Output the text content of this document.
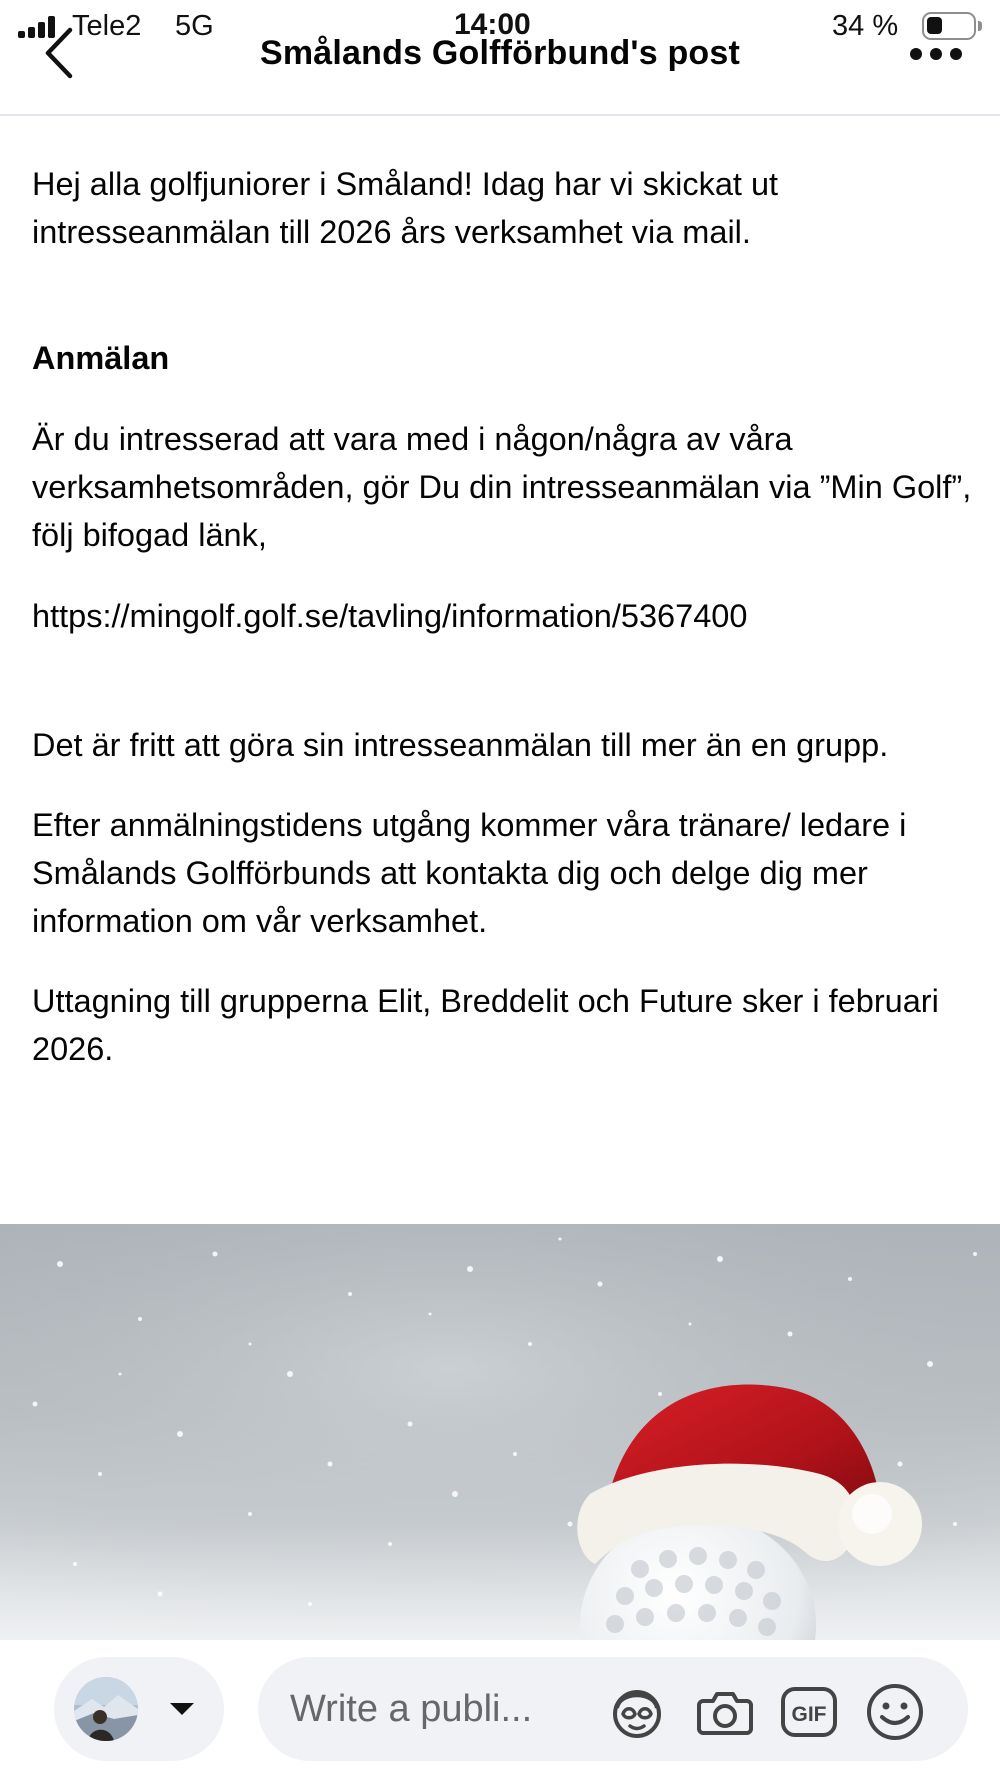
Tele2 5G	14:00	34 %
Smålands Golfförbund's post

Hej alla golfjuniorer i Småland! Idag har vi skickat ut intresseanmälan till 2026 års verksamhet via mail.

Anmälan

Är du intresserad att vara med i någon/några av våra verksamhetsområden, gör Du din intresseanmälan via ”Min Golf”, följ bifogad länk,

https://mingolf.golf.se/tavling/information/5367400

Det är fritt att göra sin intresseanmälan till mer än en grupp.

Efter anmälningstidens utgång kommer våra tränare/ ledare i Smålands Golfförbunds att kontakta dig och delge dig mer information om vår verksamhet.

Uttagning till grupperna Elit, Breddelit och Future sker i februari 2026.

Write a publi...	GIF
